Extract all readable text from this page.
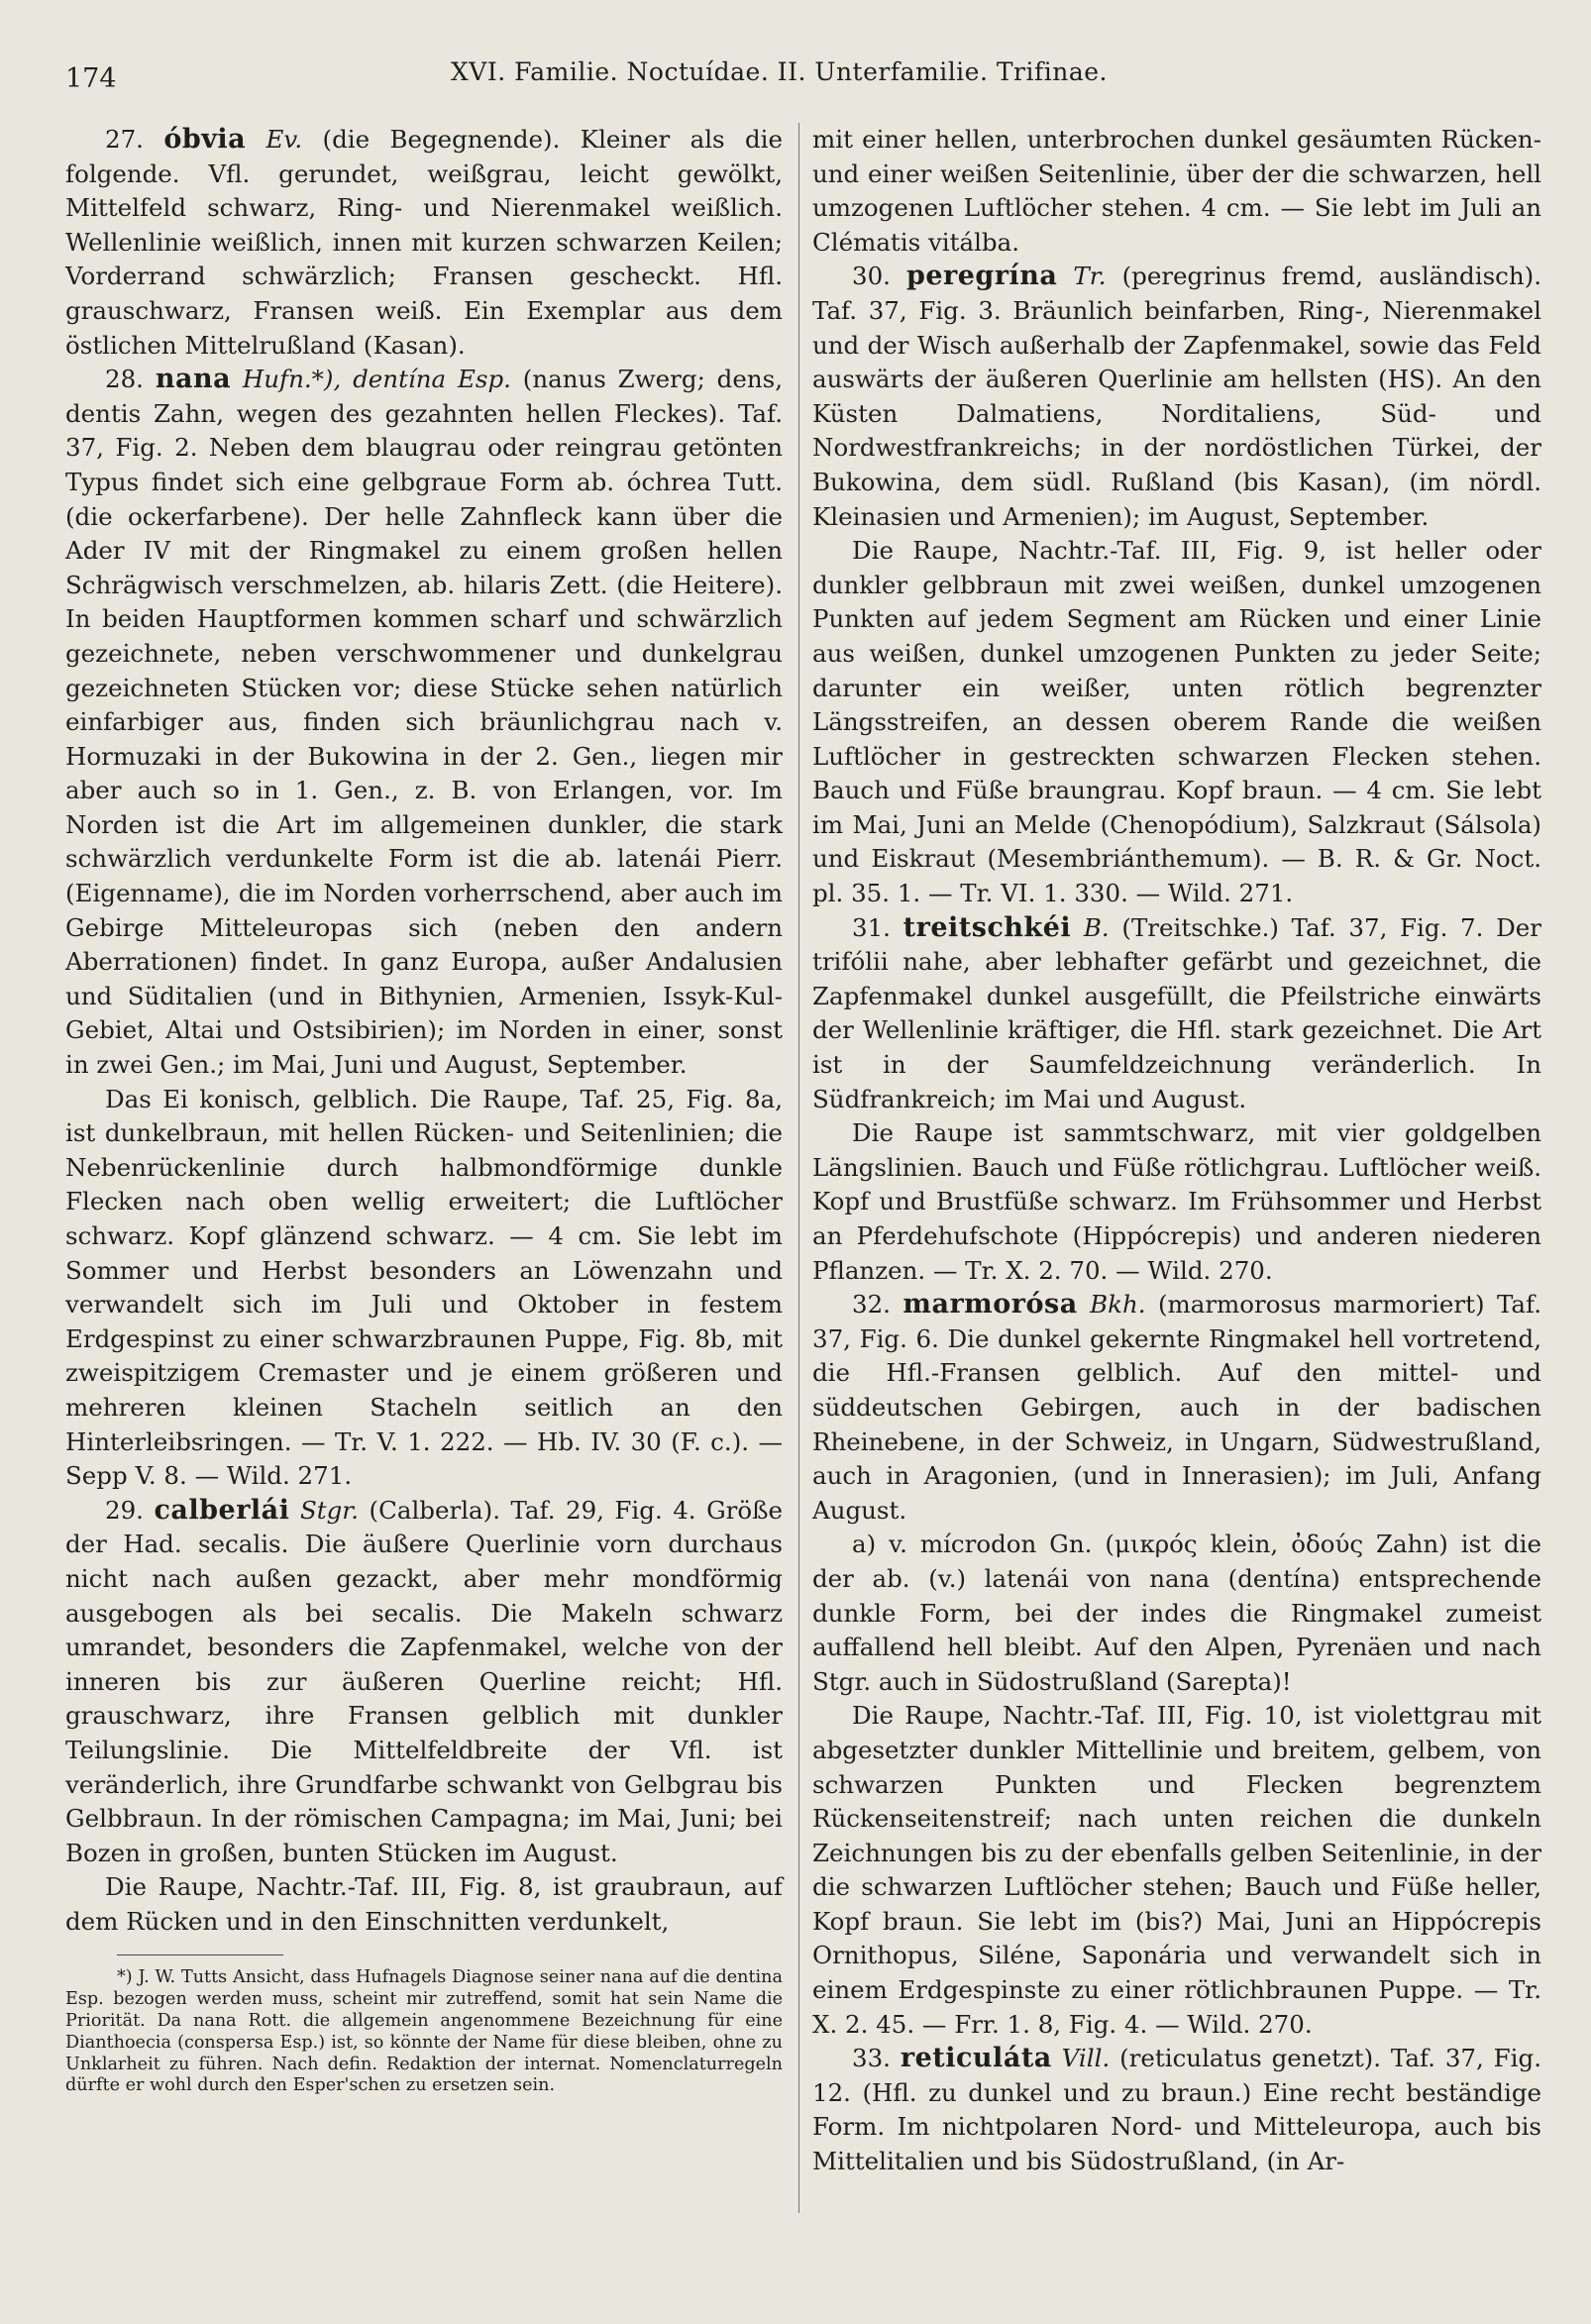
174	XVI. Familie. Noctuídae. II. Unterfamilie. Trifinae.

27. óbvia Ev. (die Begegnende). Kleiner als die folgende. Vfl. gerundet, weißgrau, leicht gewölkt, Mittelfeld schwarz, Ring- und Nierenmakel weißlich. Wellenlinie weißlich, innen mit kurzen schwarzen Keilen; Vorderrand schwärzlich; Fransen gescheckt. Hfl. grauschwarz, Fransen weiß. Ein Exemplar aus dem östlichen Mittelrußland (Kasan).

28. nana Hufn.*), dentína Esp. (nanus Zwerg; dens, dentis Zahn, wegen des gezahnten hellen Fleckes). Taf. 37, Fig. 2. Neben dem blaugrau oder reingrau getönten Typus findet sich eine gelbgraue Form ab. óchrea Tutt. (die ockerfarbene). Der helle Zahnfleck kann über die Ader IV mit der Ringmakel zu einem großen hellen Schrägwisch verschmelzen, ab. hilaris Zett. (die Heitere). In beiden Hauptformen kommen scharf und schwärzlich gezeichnete, neben verschwommener und dunkelgrau gezeichneten Stücken vor; diese Stücke sehen natürlich einfarbiger aus, finden sich bräunlichgrau nach v. Hormuzaki in der Bukowina in der 2. Gen., liegen mir aber auch so in 1. Gen., z. B. von Erlangen, vor. Im Norden ist die Art im allgemeinen dunkler, die stark schwärzlich verdunkelte Form ist die ab. latenái Pierr. (Eigenname), die im Norden vorherrschend, aber auch im Gebirge Mitteleuropas sich (neben den andern Aberrationen) findet. In ganz Europa, außer Andalusien und Süditalien (und in Bithynien, Armenien, Issyk-Kul-Gebiet, Altai und Ostsibirien); im Norden in einer, sonst in zwei Gen.; im Mai, Juni und August, September.

Das Ei konisch, gelblich. Die Raupe, Taf. 25, Fig. 8a, ist dunkelbraun, mit hellen Rücken- und Seitenlinien; die Nebenrückenlinie durch halbmondförmige dunkle Flecken nach oben wellig erweitert; die Luftlöcher schwarz. Kopf glänzend schwarz. — 4 cm. Sie lebt im Sommer und Herbst besonders an Löwenzahn und verwandelt sich im Juli und Oktober in festem Erdgespinst zu einer schwarzbraunen Puppe, Fig. 8b, mit zweispitzigem Cremaster und je einem größeren und mehreren kleinen Stacheln seitlich an den Hinterleibsringen. — Tr. V. 1. 222. — Hb. IV. 30 (F. c.). — Sepp V. 8. — Wild. 271.

29. calberlái Stgr. (Calberla). Taf. 29, Fig. 4. Größe der Had. secalis. Die äußere Querlinie vorn durchaus nicht nach außen gezackt, aber mehr mondförmig ausgebogen als bei secalis. Die Makeln schwarz umrandet, besonders die Zapfenmakel, welche von der inneren bis zur äußeren Querline reicht; Hfl. grauschwarz, ihre Fransen gelblich mit dunkler Teilungslinie. Die Mittelfeldbreite der Vfl. ist veränderlich, ihre Grundfarbe schwankt von Gelbgrau bis Gelbbraun. In der römischen Campagna; im Mai, Juni; bei Bozen in großen, bunten Stücken im August.

Die Raupe, Nachtr.-Taf. III, Fig. 8, ist graubraun, auf dem Rücken und in den Einschnitten verdunkelt,

*) J. W. Tutts Ansicht, dass Hufnagels Diagnose seiner nana auf die dentina Esp. bezogen werden muss, scheint mir zutreffend, somit hat sein Name die Priorität. Da nana Rott. die allgemein angenommene Bezeichnung für eine Dianthoecia (conspersa Esp.) ist, so könnte der Name für diese bleiben, ohne zu Unklarheit zu führen. Nach defin. Redaktion der internat. Nomenclaturregeln dürfte er wohl durch den Esper'schen zu ersetzen sein.

mit einer hellen, unterbrochen dunkel gesäumten Rücken- und einer weißen Seitenlinie, über der die schwarzen, hell umzogenen Luftlöcher stehen. 4 cm. — Sie lebt im Juli an Clématis vitálba.

30. peregrína Tr. (peregrinus fremd, ausländisch). Taf. 37, Fig. 3. Bräunlich beinfarben, Ring-, Nierenmakel und der Wisch außerhalb der Zapfenmakel, sowie das Feld auswärts der äußeren Querlinie am hellsten (HS). An den Küsten Dalmatiens, Norditaliens, Süd- und Nordwestfrankreichs; in der nordöstlichen Türkei, der Bukowina, dem südl. Rußland (bis Kasan), (im nördl. Kleinasien und Armenien); im August, September.

Die Raupe, Nachtr.-Taf. III, Fig. 9, ist heller oder dunkler gelbbraun mit zwei weißen, dunkel umzogenen Punkten auf jedem Segment am Rücken und einer Linie aus weißen, dunkel umzogenen Punkten zu jeder Seite; darunter ein weißer, unten rötlich begrenzter Längsstreifen, an dessen oberem Rande die weißen Luftlöcher in gestreckten schwarzen Flecken stehen. Bauch und Füße braungrau. Kopf braun. — 4 cm. Sie lebt im Mai, Juni an Melde (Chenopódium), Salzkraut (Sálsola) und Eiskraut (Mesembriánthemum). — B. R. & Gr. Noct. pl. 35. 1. — Tr. VI. 1. 330. — Wild. 271.

31. treitschkéi B. (Treitschke.) Taf. 37, Fig. 7. Der trifólii nahe, aber lebhafter gefärbt und gezeichnet, die Zapfenmakel dunkel ausgefüllt, die Pfeilstriche einwärts der Wellenlinie kräftiger, die Hfl. stark gezeichnet. Die Art ist in der Saumfeldzeichnung veränderlich. In Südfrankreich; im Mai und August.

Die Raupe ist sammtschwarz, mit vier goldgelben Längslinien. Bauch und Füße rötlichgrau. Luftlöcher weiß. Kopf und Brustfüße schwarz. Im Frühsommer und Herbst an Pferdehufschote (Hippócrepis) und anderen niederen Pflanzen. — Tr. X. 2. 70. — Wild. 270.

32. marmorósa Bkh. (marmorosus marmoriert) Taf. 37, Fig. 6. Die dunkel gekernte Ringmakel hell vortretend, die Hfl.-Fransen gelblich. Auf den mittel- und süddeutschen Gebirgen, auch in der badischen Rheinebene, in der Schweiz, in Ungarn, Südwestrußland, auch in Aragonien, (und in Innerasien); im Juli, Anfang August.

a) v. mícrodon Gn. (μικρός klein, ὀδούς Zahn) ist die der ab. (v.) latenái von nana (dentína) entsprechende dunkle Form, bei der indes die Ringmakel zumeist auffallend hell bleibt. Auf den Alpen, Pyrenäen und nach Stgr. auch in Südostrußland (Sarepta)!

Die Raupe, Nachtr.-Taf. III, Fig. 10, ist violettgrau mit abgesetzter dunkler Mittellinie und breitem, gelbem, von schwarzen Punkten und Flecken begrenztem Rückenseitenstreif; nach unten reichen die dunkeln Zeichnungen bis zu der ebenfalls gelben Seitenlinie, in der die schwarzen Luftlöcher stehen; Bauch und Füße heller, Kopf braun. Sie lebt im (bis?) Mai, Juni an Hippócrepis Ornithopus, Siléne, Saponária und verwandelt sich in einem Erdgespinste zu einer rötlichbraunen Puppe. — Tr. X. 2. 45. — Frr. 1. 8, Fig. 4. — Wild. 270.

33. reticuláta Vill. (reticulatus genetzt). Taf. 37, Fig. 12. (Hfl. zu dunkel und zu braun.) Eine recht beständige Form. Im nichtpolaren Nord- und Mitteleuropa, auch bis Mittelitalien und bis Südostrußland, (in Ar-
